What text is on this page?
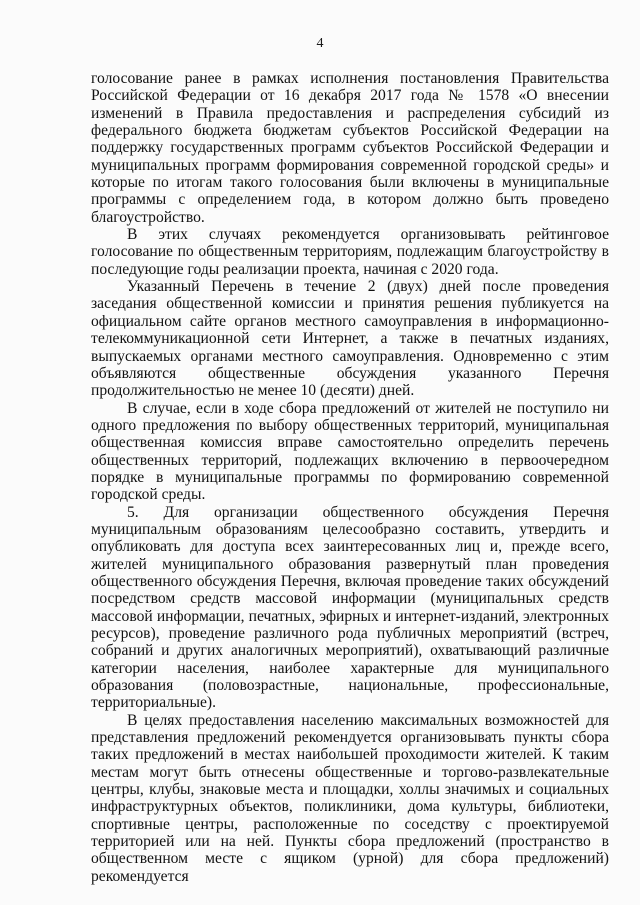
4

голосование ранее в рамках исполнения постановления Правительства Российской Федерации от 16 декабря 2017 года № 1578 «О внесении изменений в Правила предоставления и распределения субсидий из федерального бюджета бюджетам субъектов Российской Федерации на поддержку государственных программ субъектов Российской Федерации и муниципальных программ формирования современной городской среды» и которые по итогам такого голосования были включены в муниципальные программы с определением года, в котором должно быть проведено благоустройство.

В этих случаях рекомендуется организовывать рейтинговое голосование по общественным территориям, подлежащим благоустройству в последующие годы реализации проекта, начиная с 2020 года.

Указанный Перечень в течение 2 (двух) дней после проведения заседания общественной комиссии и принятия решения публикуется на официальном сайте органов местного самоуправления в информационно-телекоммуникационной сети Интернет, а также в печатных изданиях, выпускаемых органами местного самоуправления. Одновременно с этим объявляются общественные обсуждения указанного Перечня продолжительностью не менее 10 (десяти) дней.

В случае, если в ходе сбора предложений от жителей не поступило ни одного предложения по выбору общественных территорий, муниципальная общественная комиссия вправе самостоятельно определить перечень общественных территорий, подлежащих включению в первоочередном порядке в муниципальные программы по формированию современной городской среды.

5. Для организации общественного обсуждения Перечня муниципальным образованиям целесообразно составить, утвердить и опубликовать для доступа всех заинтересованных лиц и, прежде всего, жителей муниципального образования развернутый план проведения общественного обсуждения Перечня, включая проведение таких обсуждений посредством средств массовой информации (муниципальных средств массовой информации, печатных, эфирных и интернет-изданий, электронных ресурсов), проведение различного рода публичных мероприятий (встреч, собраний и других аналогичных мероприятий), охватывающий различные категории населения, наиболее характерные для муниципального образования (половозрастные, национальные, профессиональные, территориальные).

В целях предоставления населению максимальных возможностей для представления предложений рекомендуется организовывать пункты сбора таких предложений в местах наибольшей проходимости жителей. К таким местам могут быть отнесены общественные и торгово-развлекательные центры, клубы, знаковые места и площадки, холлы значимых и социальных инфраструктурных объектов, поликлиники, дома культуры, библиотеки, спортивные центры, расположенные по соседству с проектируемой территорией или на ней. Пункты сбора предложений (пространство в общественном месте с ящиком (урной) для сбора предложений) рекомендуется
